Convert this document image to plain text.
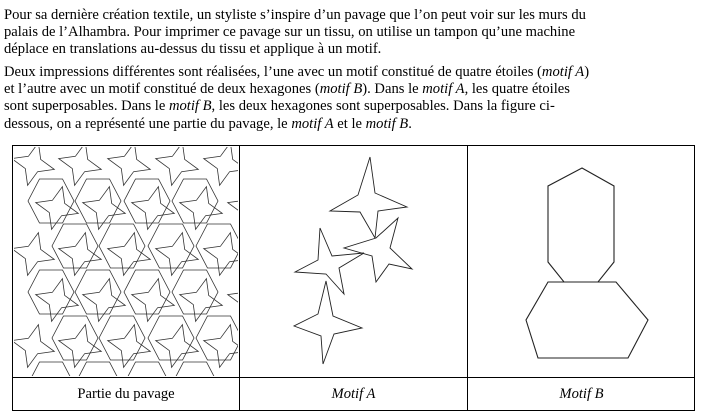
Pour sa dernière création textile, un styliste s’inspire d’un pavage que l’on peut voir sur les murs du
palais de l’Alhambra. Pour imprimer ce pavage sur un tissu, on utilise un tampon qu’une machine
déplace en translations au-dessus du tissu et applique à un motif.
Deux impressions différentes sont réalisées, l’une avec un motif constitué de quatre étoiles (motif A)
et l’autre avec un motif constitué de deux hexagones (motif B). Dans le motif A, les quatre étoiles
sont superposables. Dans le motif B, les deux hexagones sont superposables. Dans la figure ci-
dessous, on a représenté une partie du pavage, le motif A et le motif B.
Partie du pavage	Motif A	Motif B
